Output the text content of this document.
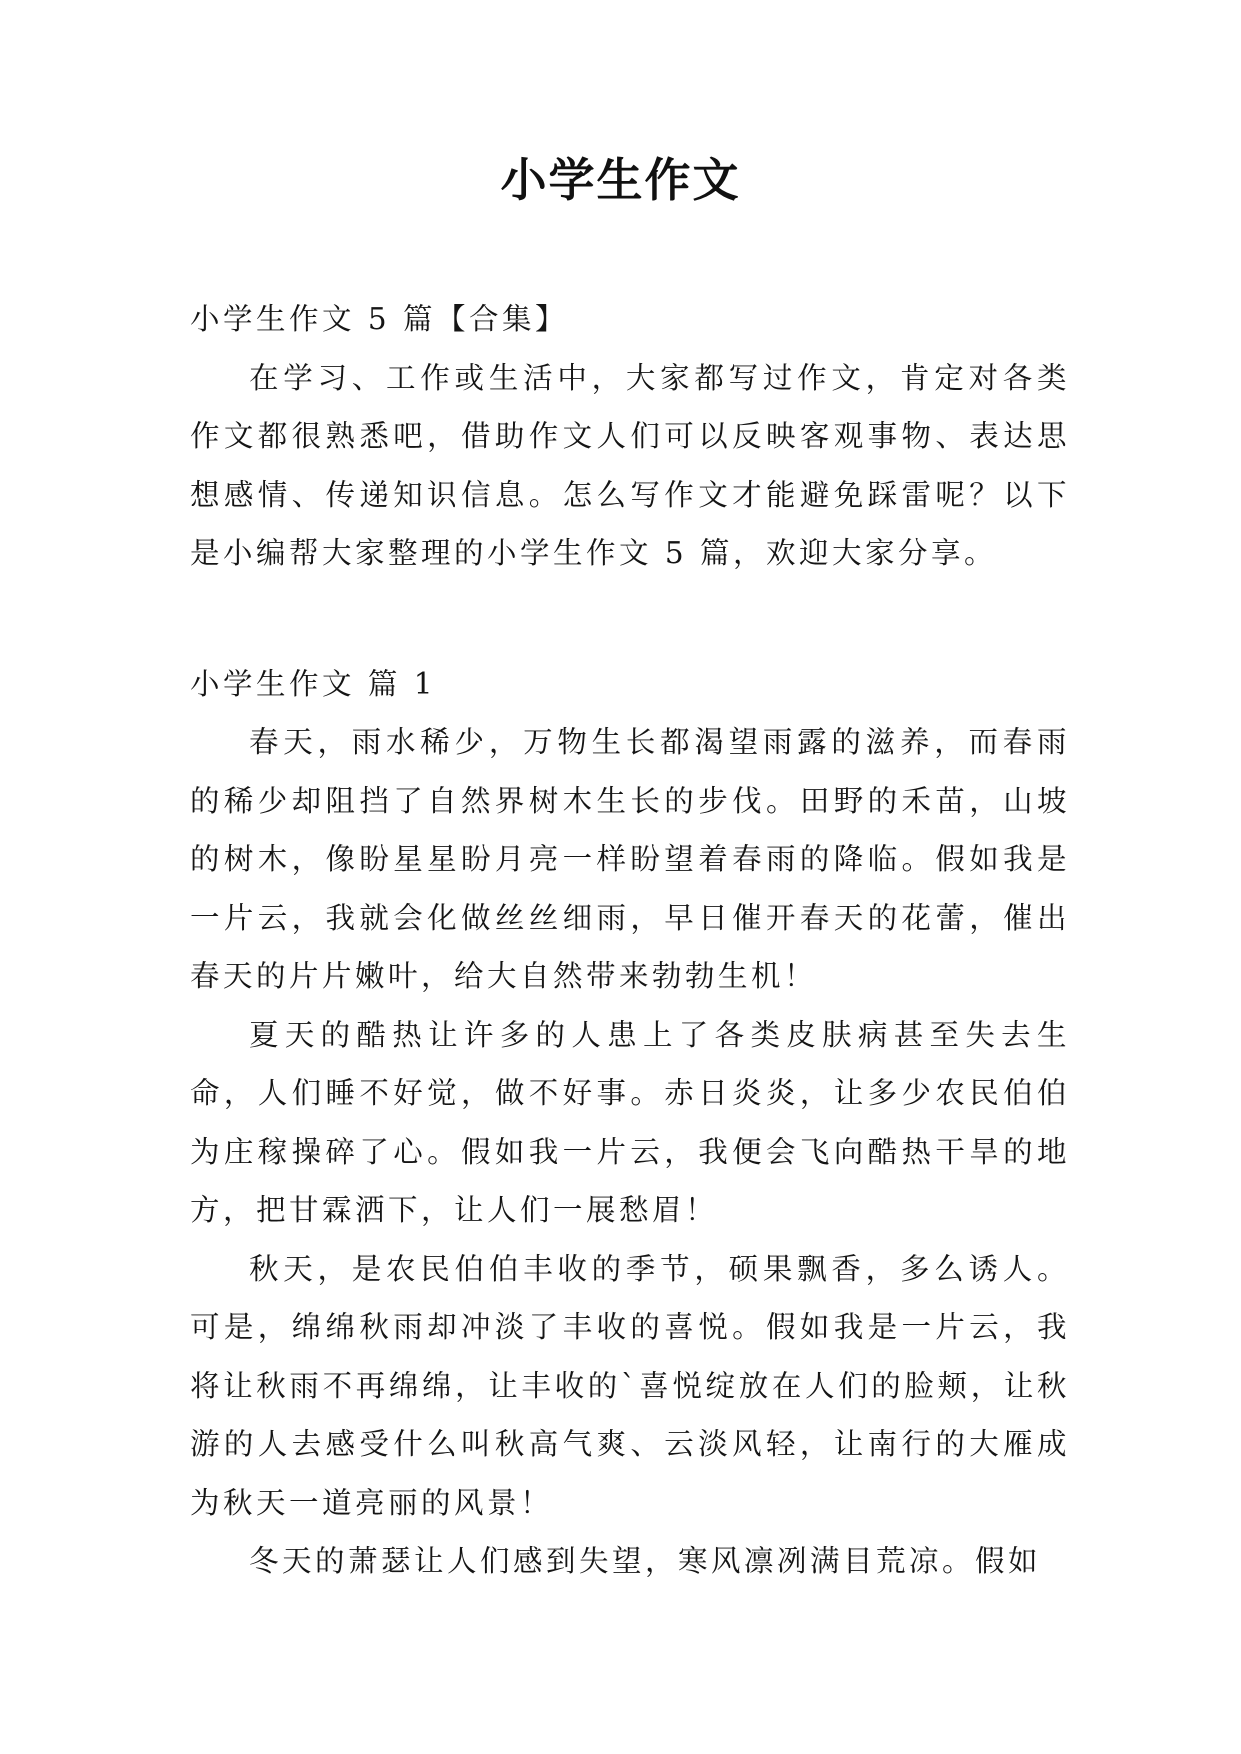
小学生作文

小学生作文 5 篇【合集】

在学习、工作或生活中，大家都写过作文，肯定对各类作文都很熟悉吧，借助作文人们可以反映客观事物、表达思想感情、传递知识信息。怎么写作文才能避免踩雷呢？以下是小编帮大家整理的小学生作文 5 篇，欢迎大家分享。

小学生作文 篇 1

春天，雨水稀少，万物生长都渴望雨露的滋养，而春雨的稀少却阻挡了自然界树木生长的步伐。田野的禾苗，山坡的树木，像盼星星盼月亮一样盼望着春雨的降临。假如我是一片云，我就会化做丝丝细雨，早日催开春天的花蕾，催出春天的片片嫩叶，给大自然带来勃勃生机！

夏天的酷热让许多的人患上了各类皮肤病甚至失去生命，人们睡不好觉，做不好事。赤日炎炎，让多少农民伯伯为庄稼操碎了心。假如我一片云，我便会飞向酷热干旱的地方，把甘霖洒下，让人们一展愁眉！

秋天，是农民伯伯丰收的季节，硕果飘香，多么诱人。可是，绵绵秋雨却冲淡了丰收的喜悦。假如我是一片云，我将让秋雨不再绵绵，让丰收的`喜悦绽放在人们的脸颊，让秋游的人去感受什么叫秋高气爽、云淡风轻，让南行的大雁成为秋天一道亮丽的风景！

冬天的萧瑟让人们感到失望，寒风凛冽满目荒凉。假如
